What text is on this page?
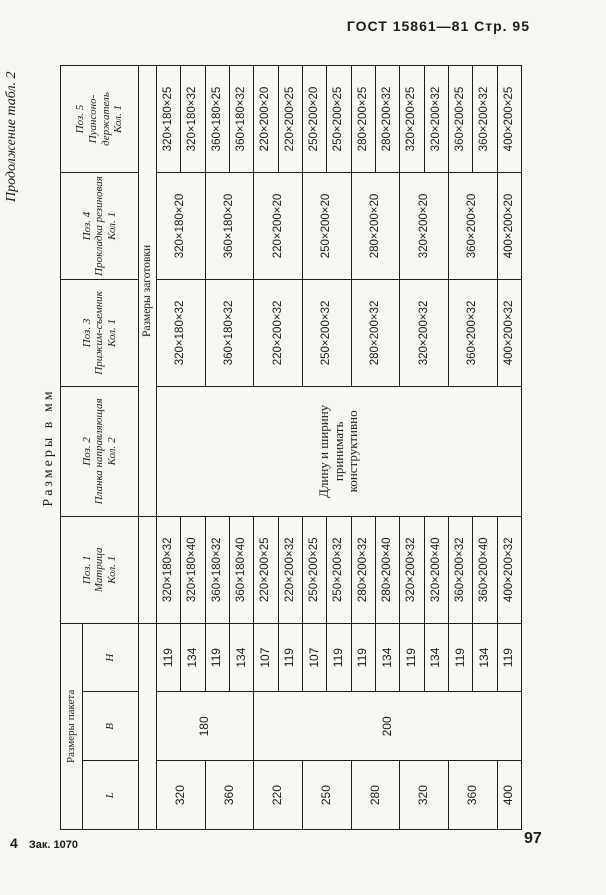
ГОСТ 15861—81 Стр. 95
Продолжение табл. 2
Размеры в мм
Размеры пакета			Поз. 1
Матрица
Кол. 1	Поз. 2
Планка направляющая
Кол. 2	Поз. 3
Прижим-съемник
Кол. 1	Поз. 4
Прокладка резиновая
Кол. 1	Поз. 5
Пуансоно-держатель
Кол. 1
L	B	H					
				Размеры заготовки			
320	180	119	320×180×32	Длину и ширину принимать конструктивно	320×180×32	320×180×20	320×180×25
		134	320×180×40				320×180×32
360		119	360×180×32		360×180×32	360×180×20	360×180×25
		134	360×180×40				360×180×32
220	200	107	220×200×25		220×200×32	220×200×20	220×200×20
		119	220×200×32				220×200×25
250		107	250×200×25		250×200×32	250×200×20	250×200×20
		119	250×200×32				250×200×25
280		119	280×200×32		280×200×32	280×200×20	280×200×25
		134	280×200×40				280×200×32
320		119	320×200×32		320×200×32	320×200×20	320×200×25
		134	320×200×40				320×200×32
360		119	360×200×32		360×200×32	360×200×20	360×200×25
		134	360×200×40				360×200×32
400		119	400×200×32		400×200×32	400×200×20	400×200×25
4 Зак. 1070	97
